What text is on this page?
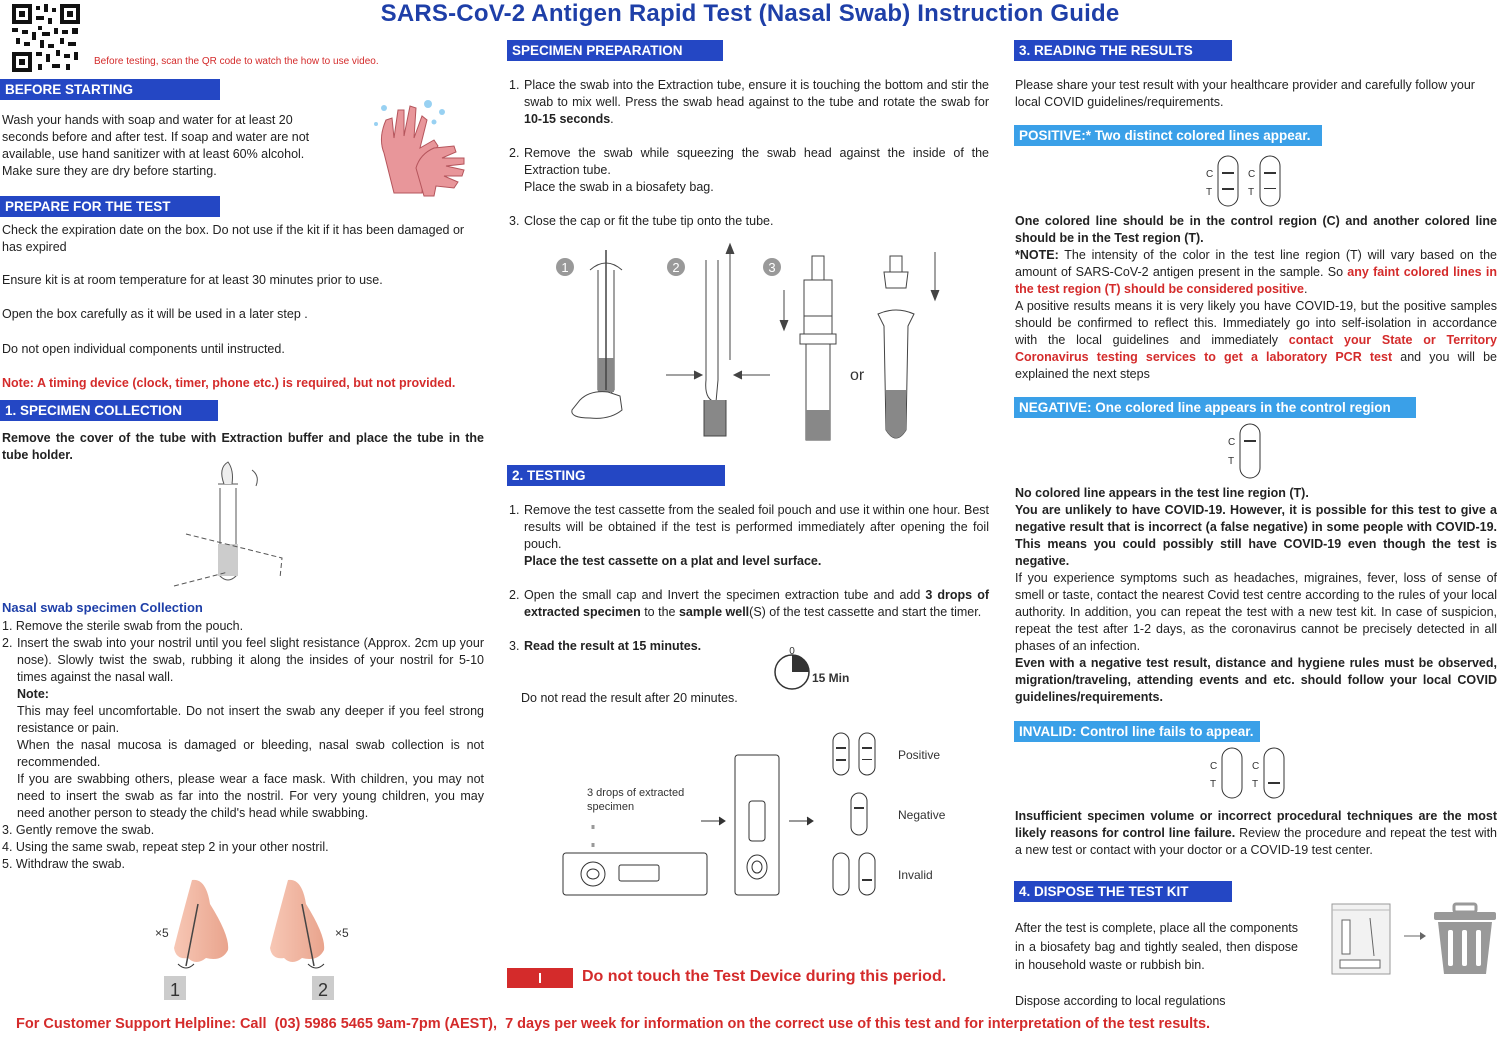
SARS-CoV-2 Antigen Rapid Test (Nasal Swab) Instruction Guide
Before testing, scan the QR code to watch the how to use video.
BEFORE STARTING
Wash your hands with soap and water for at least 20 seconds before and after test. If soap and water are not available, use hand sanitizer with at least 60% alcohol. Make sure they are dry before starting.
PREPARE FOR THE TEST
Check the expiration date on the box. Do not use if the kit if it has been damaged or has expired
Ensure kit is at room temperature for at least 30 minutes prior to use.
Open the box carefully as it will be used in a later step .
Do not open individual components until instructed.
Note: A timing device (clock, timer, phone etc.) is required, but not provided.
1. SPECIMEN COLLECTION
Remove the cover of the tube with Extraction buffer and place the tube in the tube holder.
Nasal swab specimen Collection
1. Remove the sterile swab from the pouch.
2. Insert the swab into your nostril until you feel slight resistance (Approx. 2cm up your nose). Slowly twist the swab, rubbing it along the insides of your nostril for 5-10 times against the nasal wall.
Note:
This may feel uncomfortable. Do not insert the swab any deeper if you feel strong resistance or pain.
When the nasal mucosa is damaged or bleeding, nasal swab collection is not recommended.
If you are swabbing others, please wear a face mask. With children, you may not need to insert the swab as far into the nostril. For very young children, you may need another person to steady the child's head while swabbing.
3. Gently remove the swab.
4. Using the same swab, repeat step 2 in your other nostril.
5. Withdraw the swab.
1	2
×5	×5
SPECIMEN PREPARATION
1. Place the swab into the Extraction tube, ensure it is touching the bottom and stir the swab to mix well. Press the swab head against to the tube and rotate the swab for 10-15 seconds.
2. Remove the swab while squeezing the swab head against the inside of the Extraction tube.
Place the swab in a biosafety bag.
3. Close the cap or fit the tube tip onto the tube.
1	2	3
or
2. TESTING
1. Remove the test cassette from the sealed foil pouch and use it within one hour. Best results will be obtained if the test is performed immediately after opening the foil pouch.
Place the test cassette on a plat and level surface.
2. Open the small cap and Invert the specimen extraction tube and add 3 drops of extracted specimen to the sample well(S) of the test cassette and start the timer.
3. Read the result at 15 minutes.	0
15 Min
Do not read the result after 20 minutes.
3 drops of extracted
specimen
Positive
Negative
Invalid
Do not touch the Test Device during this period.
3. READING THE RESULTS
Please share your test result with your healthcare provider and carefully follow your local COVID guidelines/requirements.
POSITIVE:* Two distinct colored lines appear.
C
T
C
T
One colored line should be in the control region (C) and another colored line should be in the Test region (T).
*NOTE: The intensity of the color in the test line region (T) will vary based on the amount of SARS-CoV-2 antigen present in the sample. So any faint colored lines in the test region (T) should be considered positive.
A positive results means it is very likely you have COVID-19, but the positive samples should be confirmed to reflect this. Immediately go into self-isolation in accordance with the local guidelines and immediately contact your State or Territory Coronavirus testing services to get a laboratory PCR test and you will be explained the next steps
NEGATIVE: One colored line appears in the control region (C).
C
T
No colored line appears in the test line region (T).
You are unlikely to have COVID-19. However, it is possible for this test to give a negative result that is incorrect (a false negative) in some people with COVID-19. This means you could possibly still have COVID-19 even though the test is negative.
If you experience symptoms such as headaches, migraines, fever, loss of sense of smell or taste, contact the nearest Covid test centre according to the rules of your local authority. In addition, you can repeat the test with a new test kit. In case of suspicion, repeat the test after 1-2 days, as the coronavirus cannot be precisely detected in all phases of an infection.
Even with a negative test result, distance and hygiene rules must be observed, migration/traveling, attending events and etc. should follow your local COVID guidelines/requirements.
INVALID: Control line fails to appear.
C
T
C
T
Insufficient specimen volume or incorrect procedural techniques are the most likely reasons for control line failure. Review the procedure and repeat the test with a new test or contact with your doctor or a COVID-19 test center.
4. DISPOSE THE TEST KIT
After the test is complete, place all the components in a biosafety bag and tightly sealed, then dispose in household waste or rubbish bin.
Dispose according to local regulations
For Customer Support Helpline: Call  (03) 5986 5465 9am-7pm (AEST),  7 days per week for information on the correct use of this test and for interpretation of the test results.
